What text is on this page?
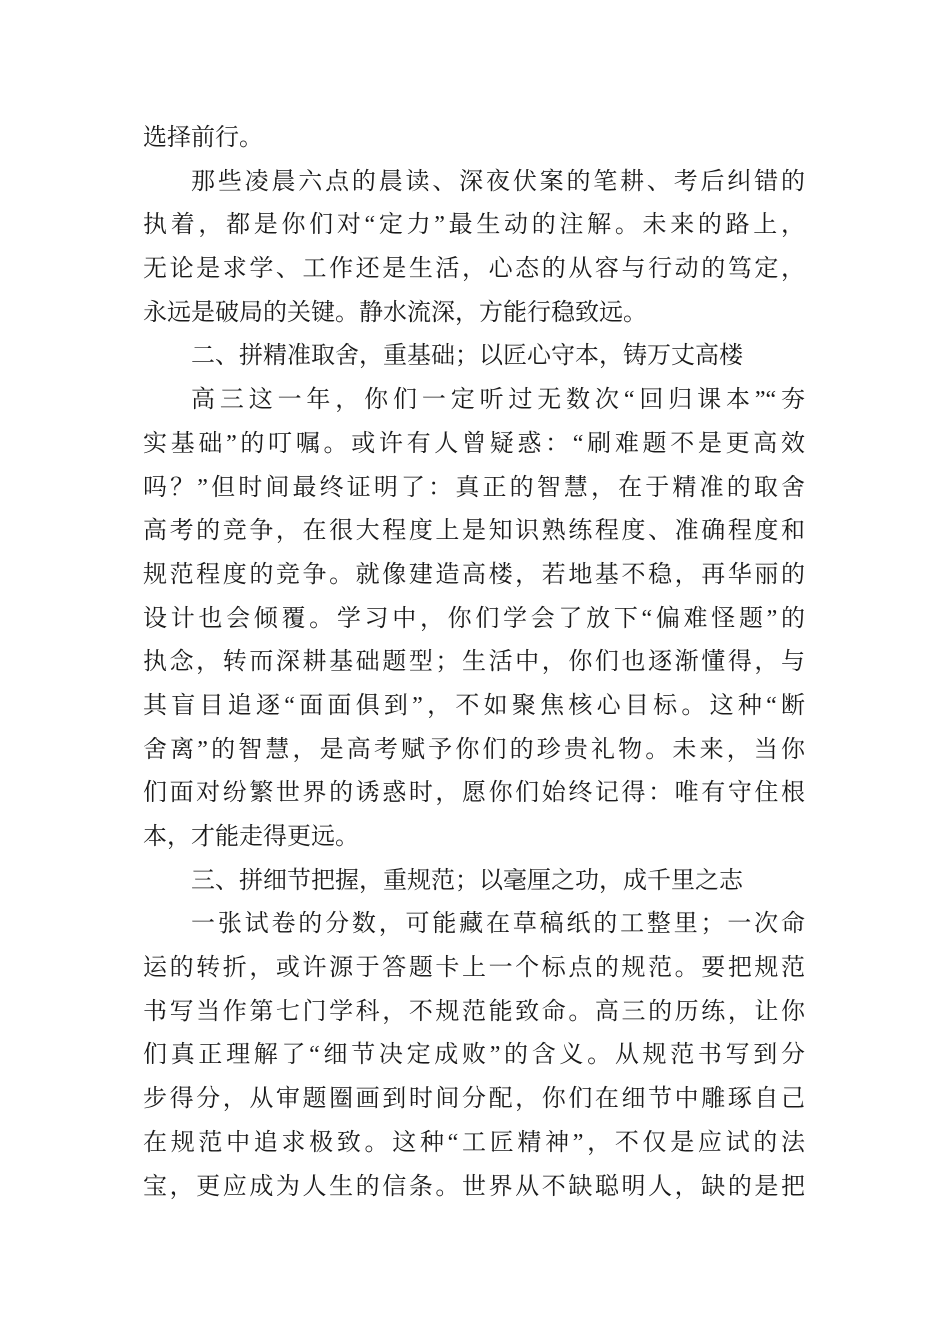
选择前行。
那些凌晨六点的晨读、深夜伏案的笔耕、考后纠错的
执着，都是你们对“定力”最生动的注解。未来的路上，
无论是求学、工作还是生活，心态的从容与行动的笃定，
永远是破局的关键。静水流深，方能行稳致远。
二、拼精准取舍，重基础；以匠心守本，铸万丈高楼
高三这一年，你们一定听过无数次“回归课本”“夯
实基础”的叮嘱。或许有人曾疑惑：“刷难题不是更高效
吗？”但时间最终证明了：真正的智慧，在于精准的取舍
高考的竞争，在很大程度上是知识熟练程度、准确程度和
规范程度的竞争。就像建造高楼，若地基不稳，再华丽的
设计也会倾覆。学习中，你们学会了放下“偏难怪题”的
执念，转而深耕基础题型；生活中，你们也逐渐懂得，与
其盲目追逐“面面俱到”，不如聚焦核心目标。这种“断
舍离”的智慧，是高考赋予你们的珍贵礼物。未来，当你
们面对纷繁世界的诱惑时，愿你们始终记得：唯有守住根
本，才能走得更远。
三、拼细节把握，重规范；以毫厘之功，成千里之志
一张试卷的分数，可能藏在草稿纸的工整里；一次命
运的转折，或许源于答题卡上一个标点的规范。要把规范
书写当作第七门学科，不规范能致命。高三的历练，让你
们真正理解了“细节决定成败”的含义。从规范书写到分
步得分，从审题圈画到时间分配，你们在细节中雕琢自己
在规范中追求极致。这种“工匠精神”，不仅是应试的法
宝，更应成为人生的信条。世界从不缺聪明人，缺的是把
